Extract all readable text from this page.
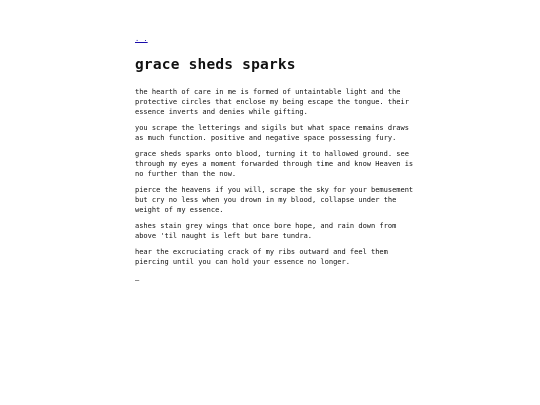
. .
grace sheds sparks

the hearth of care in me is formed of untaintable light and the protective circles that enclose my being escape the tongue. their essence inverts and denies while gifting.

you scrape the letterings and sigils but what space remains draws as much function. positive and negative space possessing fury.

grace sheds sparks onto blood, turning it to hallowed ground. see through my eyes a moment forwarded through time and know Heaven is no further than the now.

pierce the heavens if you will, scrape the sky for your bemusement but cry no less when you drown in my blood, collapse under the weight of my essence.

ashes stain grey wings that once bore hope, and rain down from above 'til naught is left but bare tundra.

hear the excruciating crack of my ribs outward and feel them piercing until you can hold your essence no longer.

—
